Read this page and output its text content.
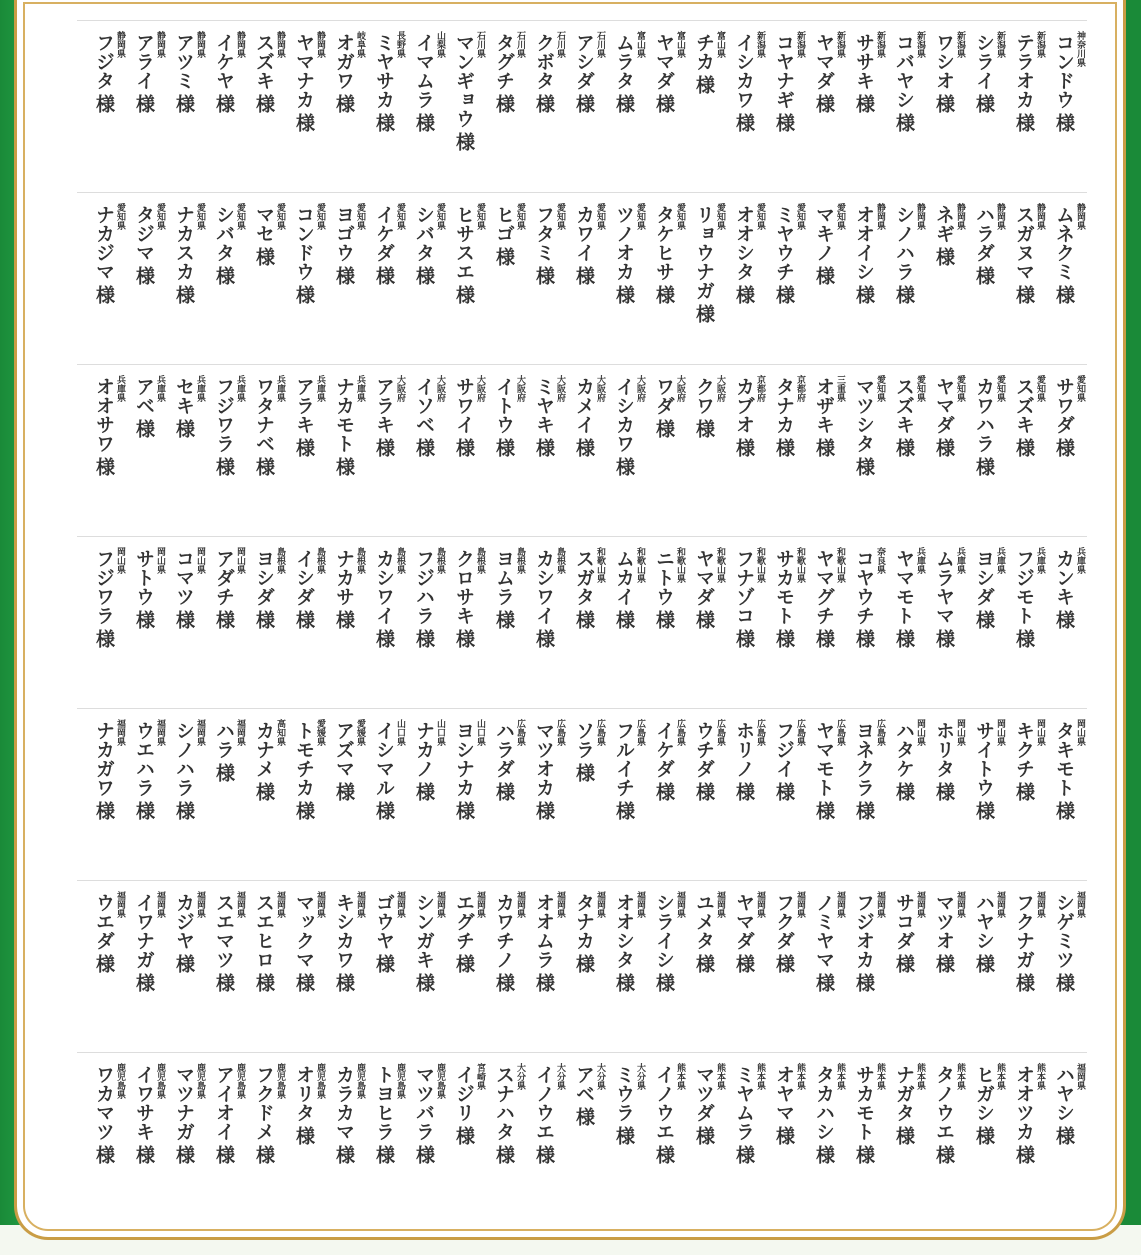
コンドウ様
神奈川県
テラオカ様
新潟県
シライ様
新潟県
ワシオ様
新潟県
コバヤシ様
新潟県
ササキ様
新潟県
ヤマダ様
新潟県
コヤナギ様
新潟県
イシカワ様
新潟県
チカ様
富山県
ヤマダ様
富山県
ムラタ様
富山県
アシダ様
石川県
クボタ様
石川県
タグチ様
石川県
マンギョウ様
石川県
イマムラ様
山梨県
ミヤサカ様
長野県
オガワ様
岐阜県
ヤマナカ様
静岡県
スズキ様
静岡県
イケヤ様
静岡県
アツミ様
静岡県
アライ様
静岡県
フジタ様
静岡県
ムネクミ様
静岡県
スガヌマ様
静岡県
ハラダ様
静岡県
ネギ様
静岡県
シノハラ様
静岡県
オオイシ様
静岡県
マキノ様
愛知県
ミヤウチ様
愛知県
オオシタ様
愛知県
リョウナガ様
愛知県
タケヒサ様
愛知県
ツノオカ様
愛知県
カワイ様
愛知県
フタミ様
愛知県
ヒゴ様
愛知県
ヒサスエ様
愛知県
シバタ様
愛知県
イケダ様
愛知県
ヨゴウ様
愛知県
コンドウ様
愛知県
マセ様
愛知県
シバタ様
愛知県
ナカスカ様
愛知県
タジマ様
愛知県
ナカジマ様
愛知県
サワダ様
愛知県
スズキ様
愛知県
カワハラ様
愛知県
ヤマダ様
愛知県
スズキ様
愛知県
マツシタ様
愛知県
オザキ様
三重県
タナカ様
京都府
カブオ様
京都府
クワ様
大阪府
ワダ様
大阪府
イシカワ様
大阪府
カメイ様
大阪府
ミヤキ様
大阪府
イトウ様
大阪府
サワイ様
大阪府
イソベ様
大阪府
アラキ様
大阪府
ナカモト様
兵庫県
アラキ様
兵庫県
ワタナベ様
兵庫県
フジワラ様
兵庫県
セキ様
兵庫県
アベ様
兵庫県
オオサワ様
兵庫県
カンキ様
兵庫県
フジモト様
兵庫県
ヨシダ様
兵庫県
ムラヤマ様
兵庫県
ヤマモト様
兵庫県
コヤウチ様
奈良県
ヤマグチ様
和歌山県
サカモト様
和歌山県
フナゾコ様
和歌山県
ヤマダ様
和歌山県
ニトウ様
和歌山県
ムカイ様
和歌山県
スガタ様
和歌山県
カシワイ様
島根県
ヨムラ様
島根県
クロサキ様
島根県
フジハラ様
島根県
カシワイ様
島根県
ナカサ様
島根県
イシダ様
島根県
ヨシダ様
島根県
アダチ様
岡山県
コマツ様
岡山県
サトウ様
岡山県
フジワラ様
岡山県
タキモト様
岡山県
キクチ様
岡山県
サイトウ様
岡山県
ホリタ様
岡山県
ハタケ様
岡山県
ヨネクラ様
広島県
ヤマモト様
広島県
フジイ様
広島県
ホリノ様
広島県
ウチダ様
広島県
イケダ様
広島県
フルイチ様
広島県
ソラ様
広島県
マツオカ様
広島県
ハラダ様
広島県
ヨシナカ様
山口県
ナカノ様
山口県
イシマル様
山口県
アズマ様
愛媛県
トモチカ様
愛媛県
カナメ様
高知県
ハラ様
福岡県
シノハラ様
福岡県
ウエハラ様
福岡県
ナカガワ様
福岡県
シゲミツ様
福岡県
フクナガ様
福岡県
ハヤシ様
福岡県
マツオ様
福岡県
サコダ様
福岡県
フジオカ様
福岡県
ノミヤマ様
福岡県
フクダ様
福岡県
ヤマダ様
福岡県
ユメタ様
福岡県
シライシ様
福岡県
オオシタ様
福岡県
タナカ様
福岡県
オオムラ様
福岡県
カワチノ様
福岡県
エグチ様
福岡県
シンガキ様
福岡県
ゴウヤ様
福岡県
キシカワ様
福岡県
マックマ様
福岡県
スエヒロ様
福岡県
スエマツ様
福岡県
カジヤ様
福岡県
イワナガ様
福岡県
ウエダ様
福岡県
ハヤシ様
福岡県
オオツカ様
熊本県
ヒガシ様
熊本県
タノウエ様
熊本県
ナガタ様
熊本県
サカモト様
熊本県
タカハシ様
熊本県
オヤマ様
熊本県
ミヤムラ様
熊本県
マツダ様
熊本県
イノウエ様
熊本県
ミウラ様
大分県
アベ様
大分県
イノウエ様
大分県
スナハタ様
大分県
イジリ様
宮崎県
マツバラ様
鹿児島県
トヨヒラ様
鹿児島県
カラカマ様
鹿児島県
オリタ様
鹿児島県
フクドメ様
鹿児島県
アイオイ様
鹿児島県
マツナガ様
鹿児島県
イワサキ様
鹿児島県
ワカマツ様
鹿児島県
